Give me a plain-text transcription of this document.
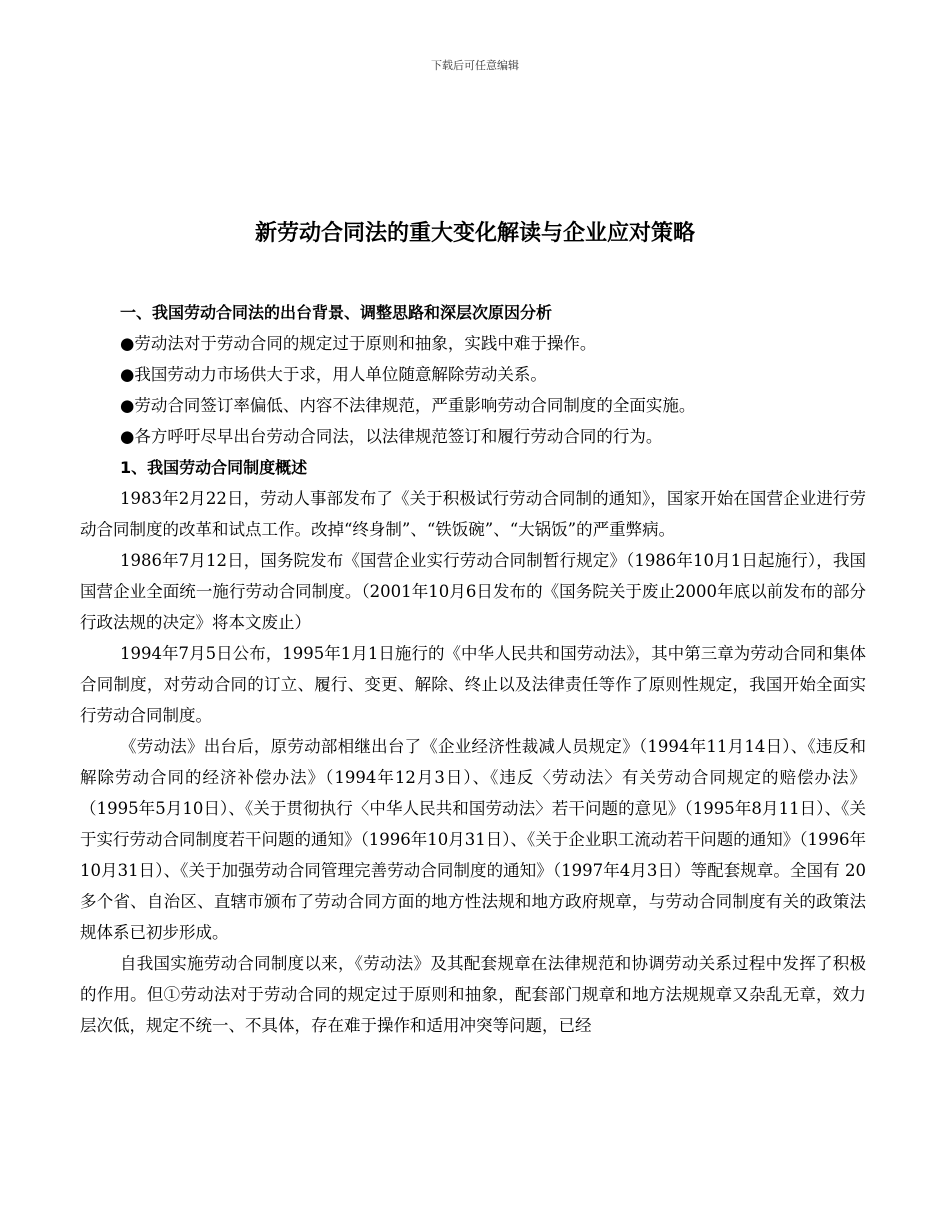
下载后可任意编辑
新劳动合同法的重大变化解读与企业应对策略

一、我国劳动合同法的出台背景、调整思路和深层次原因分析

●劳动法对于劳动合同的规定过于原则和抽象，实践中难于操作。

●我国劳动力市场供大于求，用人单位随意解除劳动关系。

●劳动合同签订率偏低、内容不法律规范，严重影响劳动合同制度的全面实施。

●各方呼吁尽早出台劳动合同法，以法律规范签订和履行劳动合同的行为。

1、我国劳动合同制度概述

1983年2月22日，劳动人事部发布了《关于积极试行劳动合同制的通知》，国家开始在国营企业进行劳动合同制度的改革和试点工作。改掉“终身制”、“铁饭碗”、“大锅饭”的严重弊病。

1986年7月12日，国务院发布《国营企业实行劳动合同制暂行规定》（1986年10月1日起施行），我国国营企业全面统一施行劳动合同制度。（2001年10月6日发布的《国务院关于废止2000年底以前发布的部分行政法规的决定》将本文废止）

1994年7月5日公布，1995年1月1日施行的《中华人民共和国劳动法》，其中第三章为劳动合同和集体合同制度，对劳动合同的订立、履行、变更、解除、终止以及法律责任等作了原则性规定，我国开始全面实行劳动合同制度。

《劳动法》出台后，原劳动部相继出台了《企业经济性裁减人员规定》（1994年11月14日）、《违反和解除劳动合同的经济补偿办法》（1994年12月3日）、《违反〈劳动法〉有关劳动合同规定的赔偿办法》（1995年5月10日）、《关于贯彻执行〈中华人民共和国劳动法〉若干问题的意见》（1995年8月11日）、《关于实行劳动合同制度若干问题的通知》（1996年10月31日）、《关于企业职工流动若干问题的通知》（1996年10月31日）、《关于加强劳动合同管理完善劳动合同制度的通知》（1997年4月3日）等配套规章。全国有 20 多个省、自治区、直辖市颁布了劳动合同方面的地方性法规和地方政府规章，与劳动合同制度有关的政策法规体系已初步形成。

自我国实施劳动合同制度以来，《劳动法》及其配套规章在法律规范和协调劳动关系过程中发挥了积极的作用。但①劳动法对于劳动合同的规定过于原则和抽象，配套部门规章和地方法规规章又杂乱无章，效力层次低，规定不统一、不具体，存在难于操作和适用冲突等问题，已经
